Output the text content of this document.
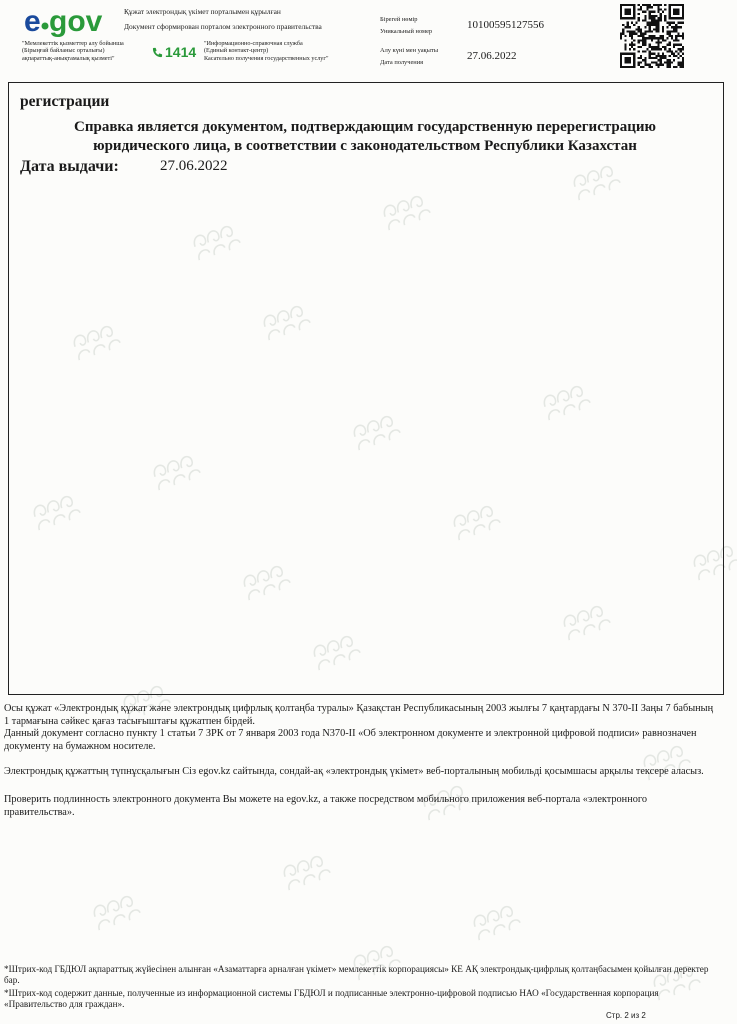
e gov	Құжат электрондық үкімет порталымен құрылған
Документ сформирован порталом электронного правительства
"Мемлекеттік қызметтер алу бойынша
(Бірыңғай байланыс орталығы)
ақпараттық-анықтамалық қызметі"	1414
"Информационно-справочная служба
(Единый контакт-центр)
Касательно получения государственных услуг"
Бірегей нөмір
Уникальный номер
10100595127556
Алу күні мен уақыты
Дата получения
27.06.2022
регистрации
Справка является документом, подтверждающим государственную перерегистрацию юридического лица, в соответствии с законодательством Республики Казахстан
Дата выдачи:	27.06.2022
Осы құжат «Электрондық құжат және электрондық цифрлық қолтаңба туралы» Қазақстан Республикасының 2003 жылғы 7 қаңтардағы N 370-II Заңы 7 бабының 1 тармағына сәйкес қағаз тасығыштағы құжатпен бірдей.
Данный документ согласно пункту 1 статьи 7 ЗРК от 7 января 2003 года N370-II «Об электронном документе и электронной цифровой подписи» равнозначен документу на бумажном носителе.
Электрондық құжаттың түпнұсқалығын Сіз egov.kz сайтында, сондай-ақ «электрондық үкімет» веб-порталының мобильді қосымшасы арқылы тексере аласыз.
Проверить подлинность электронного документа Вы можете на egov.kz, а также посредством мобильного приложения веб-портала «электронного правительства».
*Штрих-код ГБДЮЛ ақпараттық жүйесінен алынған «Азаматтарға арналған үкімет» мемлекеттік корпорациясы» КЕ АҚ электрондық-цифрлық қолтаңбасымен қойылған деректер бар.
*Штрих-код содержит данные, полученные из информационной системы ГБДЮЛ и подписанные электронно-цифровой подписью НАО «Государственная корпорация «Правительство для граждан».
Стр. 2 из 2
